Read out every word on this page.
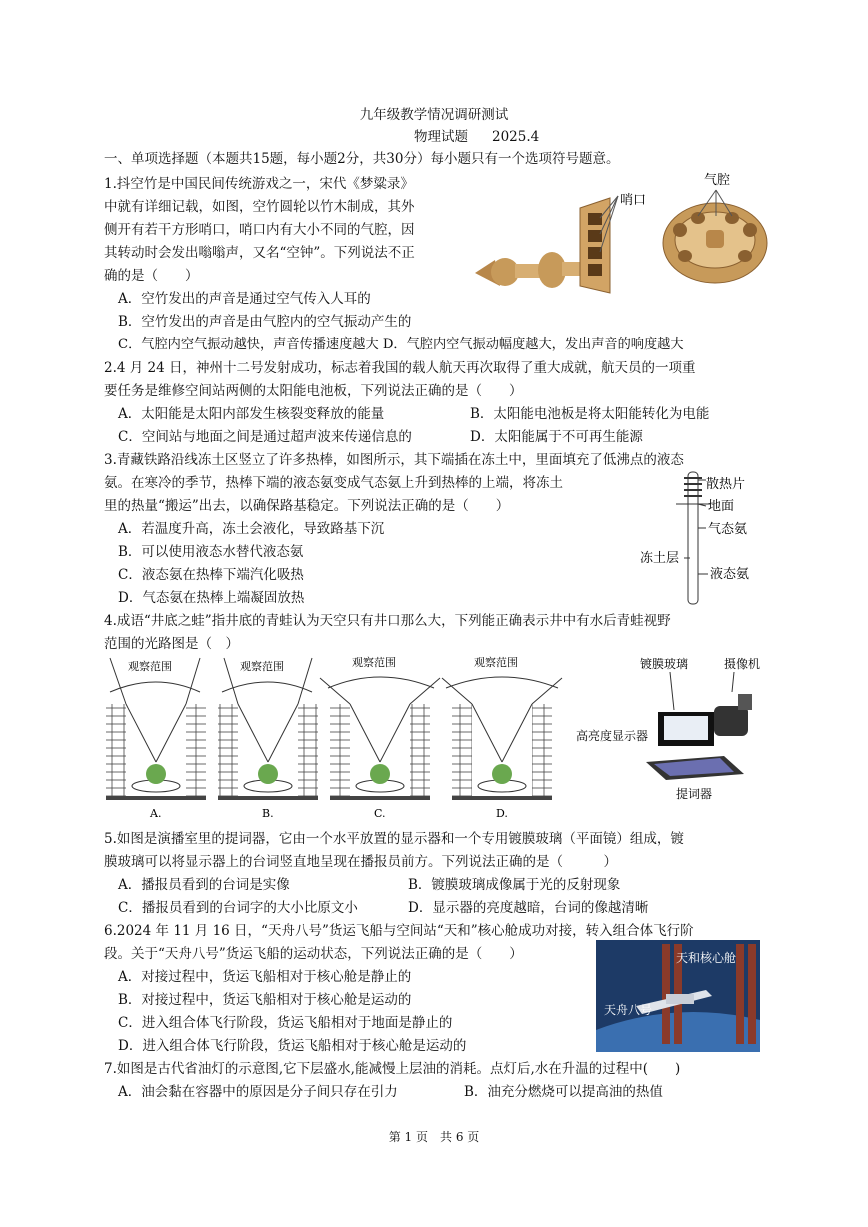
九年级教学情况调研测试
物理试题 2025.4
一、单项选择题（本题共15题，每小题2分，共30分）每小题只有一个选项符号题意。
1.抖空竹是中国民间传统游戏之一，宋代《梦粱录》
中就有详细记载，如图，空竹圆轮以竹木制成，其外
侧开有若干方形哨口，哨口内有大小不同的气腔，因
其转动时会发出嗡嗡声，又名“空钟”。下列说法不正
确的是（　　）
A．空竹发出的声音是通过空气传入人耳的
B．空竹发出的声音是由气腔内的空气振动产生的
C．气腔内空气振动越快，声音传播速度越大 D．气腔内空气振动幅度越大，发出声音的响度越大
哨口
气腔
2.4 月 24 日，神州十二号发射成功，标志着我国的载人航天再次取得了重大成就，航天员的一项重
要任务是维修空间站两侧的太阳能电池板，下列说法正确的是（　　）
A．太阳能是太阳内部发生核裂变释放的能量	B．太阳能电池板是将太阳能转化为电能
C．空间站与地面之间是通过超声波来传递信息的	D．太阳能属于不可再生能源
3.青藏铁路沿线冻土区竖立了许多热棒，如图所示，其下端插在冻土中，里面填充了低沸点的液态
氨。在寒冷的季节，热棒下端的液态氨变成气态氨上升到热棒的上端，将冻土
里的热量“搬运”出去，以确保路基稳定。下列说法正确的是（　　）
A．若温度升高，冻土会液化，导致路基下沉
B．可以使用液态水替代液态氨
C．液态氨在热棒下端汽化吸热
D．气态氨在热棒上端凝固放热
散热片
地面
气态氨
冻土层
液态氨
4.成语“井底之蛙”指井底的青蛙认为天空只有井口那么大，下列能正确表示井中有水后青蛙视野
范围的光路图是（　）
观察范围
A.
观察范围
B.
观察范围
C.
观察范围
D.
镀膜玻璃	摄像机
高亮度显示器
提词器
5.如图是演播室里的提词器，它由一个水平放置的显示器和一个专用镀膜玻璃（平面镜）组成，镀
膜玻璃可以将显示器上的台词竖直地呈现在播报员前方。下列说法正确的是（　　　）
A．播报员看到的台词是实像	B．镀膜玻璃成像属于光的反射现象
C．播报员看到的台词字的大小比原文小	D．显示器的亮度越暗，台词的像越清晰
6.2024 年 11 月 16 日，“天舟八号”货运飞船与空间站“天和”核心舱成功对接，转入组合体飞行阶
段。关于“天舟八号”货运飞船的运动状态，下列说法正确的是（　　）
A．对接过程中，货运飞船相对于核心舱是静止的
B．对接过程中，货运飞船相对于核心舱是运动的
C．进入组合体飞行阶段，货运飞船相对于地面是静止的
D．进入组合体飞行阶段，货运飞船相对于核心舱是运动的
天和核心舱
天舟八号
7.如图是古代省油灯的示意图,它下层盛水,能减慢上层油的消耗。点灯后,水在升温的过程中(　　)
A．油会黏在容器中的原因是分子间只存在引力	B．油充分燃烧可以提高油的热值
第 1 页　共 6 页
